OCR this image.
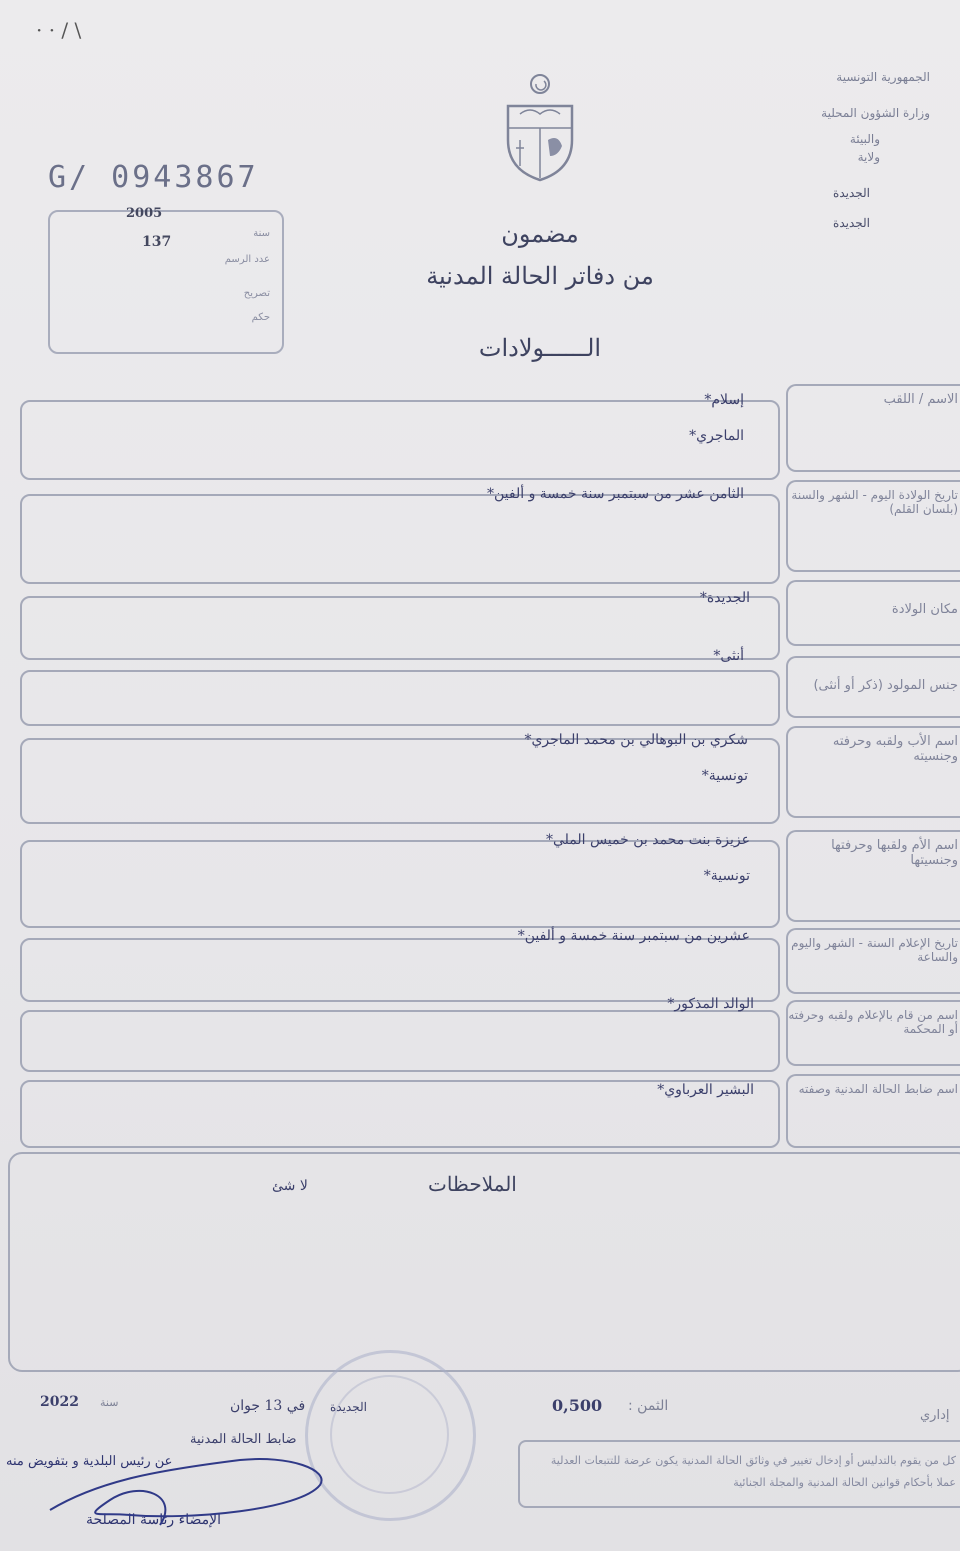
· · / \
الجمهورية التونسية
وزارة الشؤون المحلية
والبيئة
ولاية
الجديدة
الجديدة
G/ 0943867
2005
137
سنة
عدد الرسم
تصريح
حكم
مضمون
من دفاتر الحالة المدنية
الــــــولادات
الاسم / اللقب
إسلام*
الماجري*
تاريخ الولادة اليوم - الشهر والسنة (بلسان القلم)
الثامن عشر من سبتمبر سنة خمسة و ألفين*
مكان الولادة
الجديدة*
جنس المولود (ذكر أو أنثى)
أنثى*
اسم الأب ولقبه وحرفته وجنسيته
شكري بن البوهالي بن محمد الماجري*
تونسية*
اسم الأم ولقبها وحرفتها وجنسيتها
عزيزة بنت محمد بن خميس الملي*
تونسية*
تاريخ الإعلام السنة - الشهر واليوم والساعة
عشرين من سبتمبر سنة خمسة و ألفين*
اسم من قام بالإعلام ولقبه وحرفته أو المحكمة
الوالد المذكور*
اسم ضابط الحالة المدنية وصفته
البشير العرباوي*
الملاحظات
لا شئ
2022 سنة	في 13 جوان الجديدة	0,500 الثمن :
إداري
ضابط الحالة المدنية
عن رئيس البلدية و بتفويض منه
الإمضاء رئاسة المصلحة
كل من يقوم بالتدليس أو إدخال تغيير في وثائق الحالة المدنية يكون عرضة للتتبعات العدلية عملا بأحكام قوانين الحالة المدنية والمجلة الجنائية
